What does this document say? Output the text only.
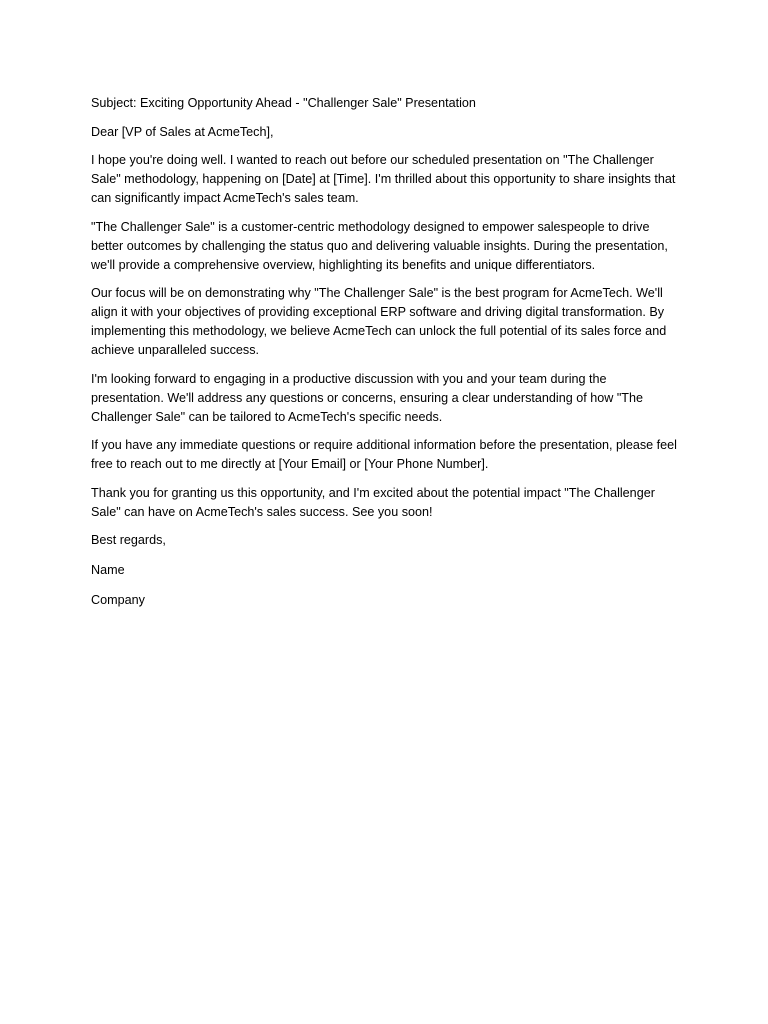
Subject: Exciting Opportunity Ahead - "Challenger Sale" Presentation

Dear [VP of Sales at AcmeTech],

I hope you're doing well. I wanted to reach out before our scheduled presentation on "The Challenger Sale" methodology, happening on [Date] at [Time]. I'm thrilled about this opportunity to share insights that can significantly impact AcmeTech's sales team.

"The Challenger Sale" is a customer-centric methodology designed to empower salespeople to drive better outcomes by challenging the status quo and delivering valuable insights. During the presentation, we'll provide a comprehensive overview, highlighting its benefits and unique differentiators.

Our focus will be on demonstrating why "The Challenger Sale" is the best program for AcmeTech. We'll align it with your objectives of providing exceptional ERP software and driving digital transformation. By implementing this methodology, we believe AcmeTech can unlock the full potential of its sales force and achieve unparalleled success.

I'm looking forward to engaging in a productive discussion with you and your team during the presentation. We'll address any questions or concerns, ensuring a clear understanding of how "The Challenger Sale" can be tailored to AcmeTech's specific needs.

If you have any immediate questions or require additional information before the presentation, please feel free to reach out to me directly at [Your Email] or [Your Phone Number].

Thank you for granting us this opportunity, and I'm excited about the potential impact "The Challenger Sale" can have on AcmeTech's sales success. See you soon!

Best regards,

Name

Company
